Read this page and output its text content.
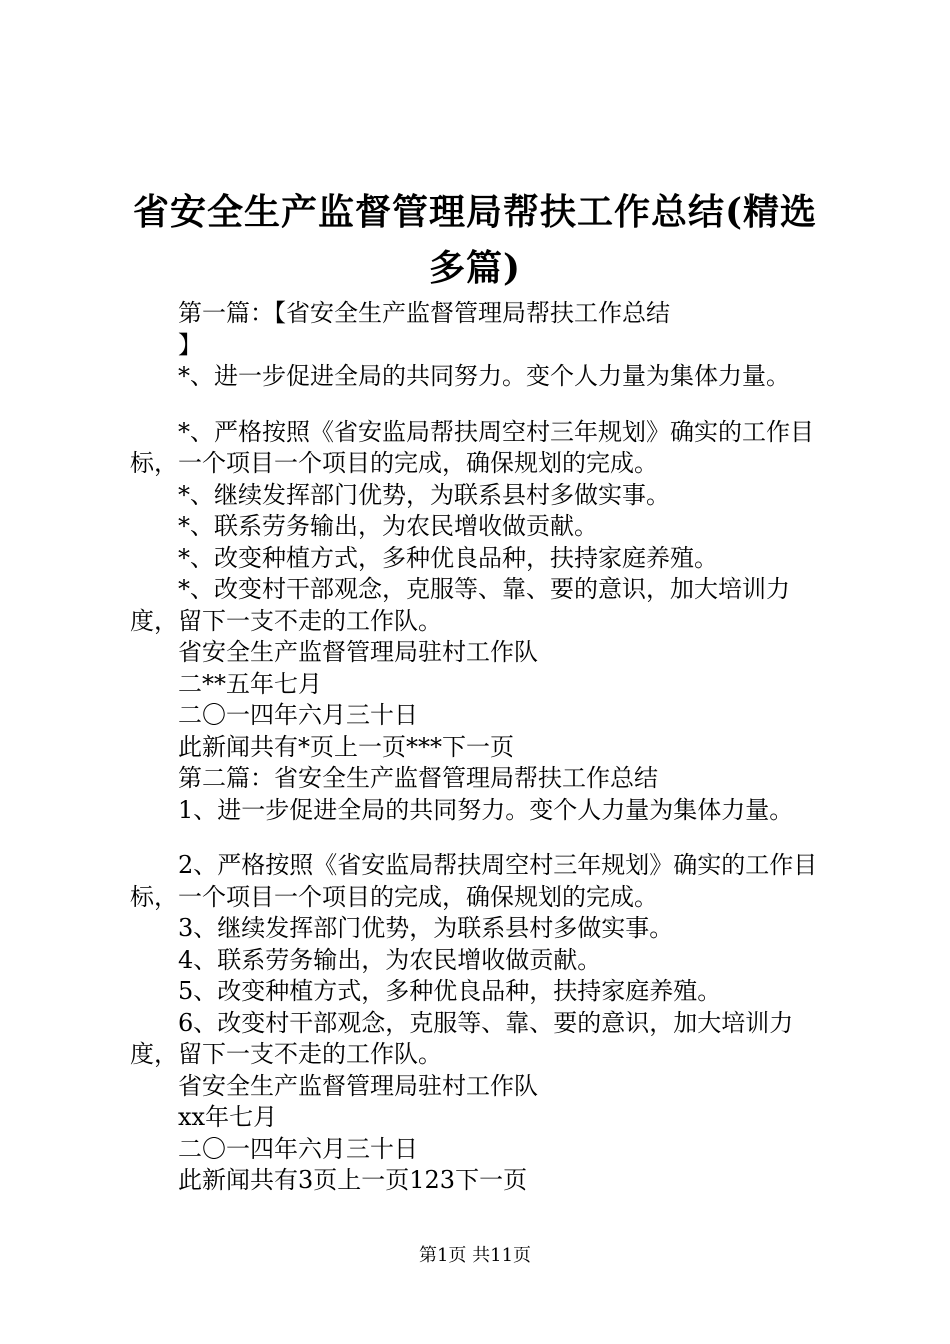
省安全生产监督管理局帮扶工作总结(精选多篇)

第一篇：【省安全生产监督管理局帮扶工作总结

】

*、进一步促进全局的共同努力。变个人力量为集体力量。

*、严格按照《省安监局帮扶周空村三年规划》确实的工作目标，一个项目一个项目的完成，确保规划的完成。

*、继续发挥部门优势，为联系县村多做实事。

*、联系劳务输出，为农民增收做贡献。

*、改变种植方式，多种优良品种，扶持家庭养殖。

*、改变村干部观念，克服等、靠、要的意识，加大培训力度，留下一支不走的工作队。

省安全生产监督管理局驻村工作队

二**五年七月

二〇一四年六月三十日

此新闻共有*页上一页***下一页

第二篇：省安全生产监督管理局帮扶工作总结

1、进一步促进全局的共同努力。变个人力量为集体力量。

2、严格按照《省安监局帮扶周空村三年规划》确实的工作目标，一个项目一个项目的完成，确保规划的完成。

3、继续发挥部门优势，为联系县村多做实事。

4、联系劳务输出，为农民增收做贡献。

5、改变种植方式，多种优良品种，扶持家庭养殖。

6、改变村干部观念，克服等、靠、要的意识，加大培训力度，留下一支不走的工作队。

省安全生产监督管理局驻村工作队

xx年七月

二〇一四年六月三十日

此新闻共有3页上一页123下一页

第1页 共11页
